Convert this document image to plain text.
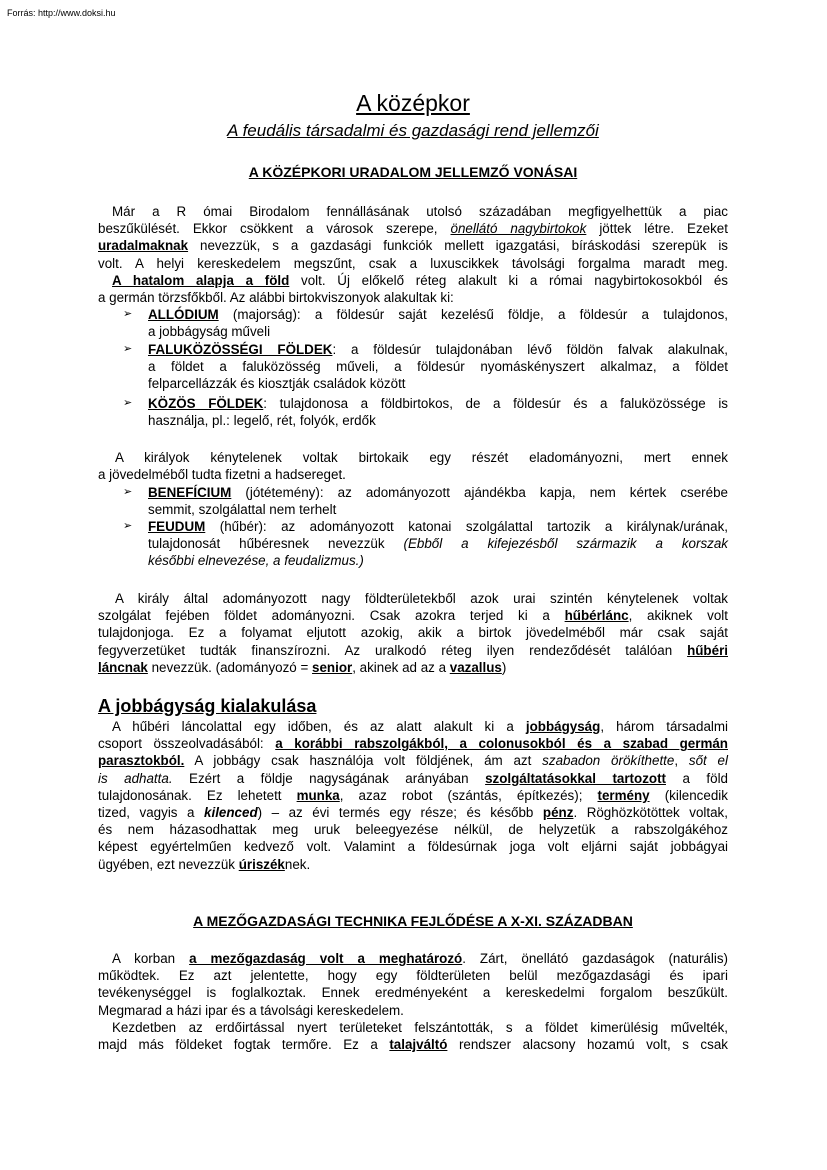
Forrás: http://www.doksi.hu
A középkor
A feudális társadalmi és gazdasági rend jellemzői
A KÖZÉPKORI URADALOM JELLEMZŐ VONÁSAI
Már a R ómai Birodalom fennállásának utolsó századában megfigyelhettük a piac
beszűkülését. Ekkor csökkent a városok szerepe, önellátó nagybirtokok jöttek létre. Ezeket
uradalmaknak nevezzük, s a gazdasági funkciók mellett igazgatási, bíráskodási szerepük is
volt. A helyi kereskedelem megszűnt, csak a luxuscikkek távolsági forgalma maradt meg.
A hatalom alapja a föld volt. Új előkelő réteg alakult ki a római nagybirtokosokból és
a germán törzsfőkből. Az alábbi birtokviszonyok alakultak ki:
➢ ALLÓDIUM (majorság): a földesúr saját kezelésű földje, a földesúr a tulajdonos,
a jobbágyság műveli
➢ FALUKÖZÖSSÉGI FÖLDEK: a földesúr tulajdonában lévő földön falvak alakulnak,
a földet a faluközösség műveli, a földesúr nyomáskényszert alkalmaz, a földet
felparcellázzák és kiosztják családok között
➢ KÖZÖS FÖLDEK: tulajdonosa a földbirtokos, de a földesúr és a faluközössége is
használja, pl.: legelő, rét, folyók, erdők
A királyok kénytelenek voltak birtokaik egy részét eladományozni, mert ennek
a jövedelméből tudta fizetni a hadsereget.
➢ BENEFÍCIUM (jótétemény): az adományozott ajándékba kapja, nem kértek cserébe
semmit, szolgálattal nem terhelt
➢ FEUDUM (hűbér): az adományozott katonai szolgálattal tartozik a királynak/urának,
tulajdonosát hűbéresnek nevezzük (Ebből a kifejezésből származik a korszak
későbbi elnevezése, a feudalizmus.)
A király által adományozott nagy földterületekből azok urai szintén kénytelenek voltak
szolgálat fejében földet adományozni. Csak azokra terjed ki a hűbérlánc, akiknek volt
tulajdonjoga. Ez a folyamat eljutott azokig, akik a birtok jövedelméből már csak saját
fegyverzetüket tudták finanszírozni. Az uralkodó réteg ilyen rendeződését találóan hűbéri
láncnak nevezzük. (adományozó = senior, akinek ad az a vazallus)
A jobbágyság kialakulása
A hűbéri láncolattal egy időben, és az alatt alakult ki a jobbágyság, három társadalmi
csoport összeolvadásából: a korábbi rabszolgákból, a colonusokból és a szabad germán
parasztokból. A jobbágy csak használója volt földjének, ám azt szabadon örökíthette, sőt el
is adhatta. Ezért a földje nagyságának arányában szolgáltatásokkal tartozott a föld
tulajdonosának. Ez lehetett munka, azaz robot (szántás, építkezés); termény (kilencedik
tized, vagyis a kilenced) – az évi termés egy része; és később pénz. Röghözkötöttek voltak,
és nem házasodhattak meg uruk beleegyezése nélkül, de helyzetük a rabszolgákéhoz
képest egyértelműen kedvező volt. Valamint a földesúrnak joga volt eljárni saját jobbágyai
ügyében, ezt nevezzük úriszéknek.
A MEZŐGAZDASÁGI TECHNIKA FEJLŐDÉSE A X-XI. SZÁZADBAN
A korban a mezőgazdaság volt a meghatározó. Zárt, önellátó gazdaságok (naturális)
működtek. Ez azt jelentette, hogy egy földterületen belül mezőgazdasági és ipari
tevékenységgel is foglalkoztak. Ennek eredményeként a kereskedelmi forgalom beszűkült.
Megmarad a házi ipar és a távolsági kereskedelem.
Kezdetben az erdőirtással nyert területeket felszántották, s a földet kimerülésig művelték,
majd más földeket fogtak termőre. Ez a talajváltó rendszer alacsony hozamú volt, s csak
